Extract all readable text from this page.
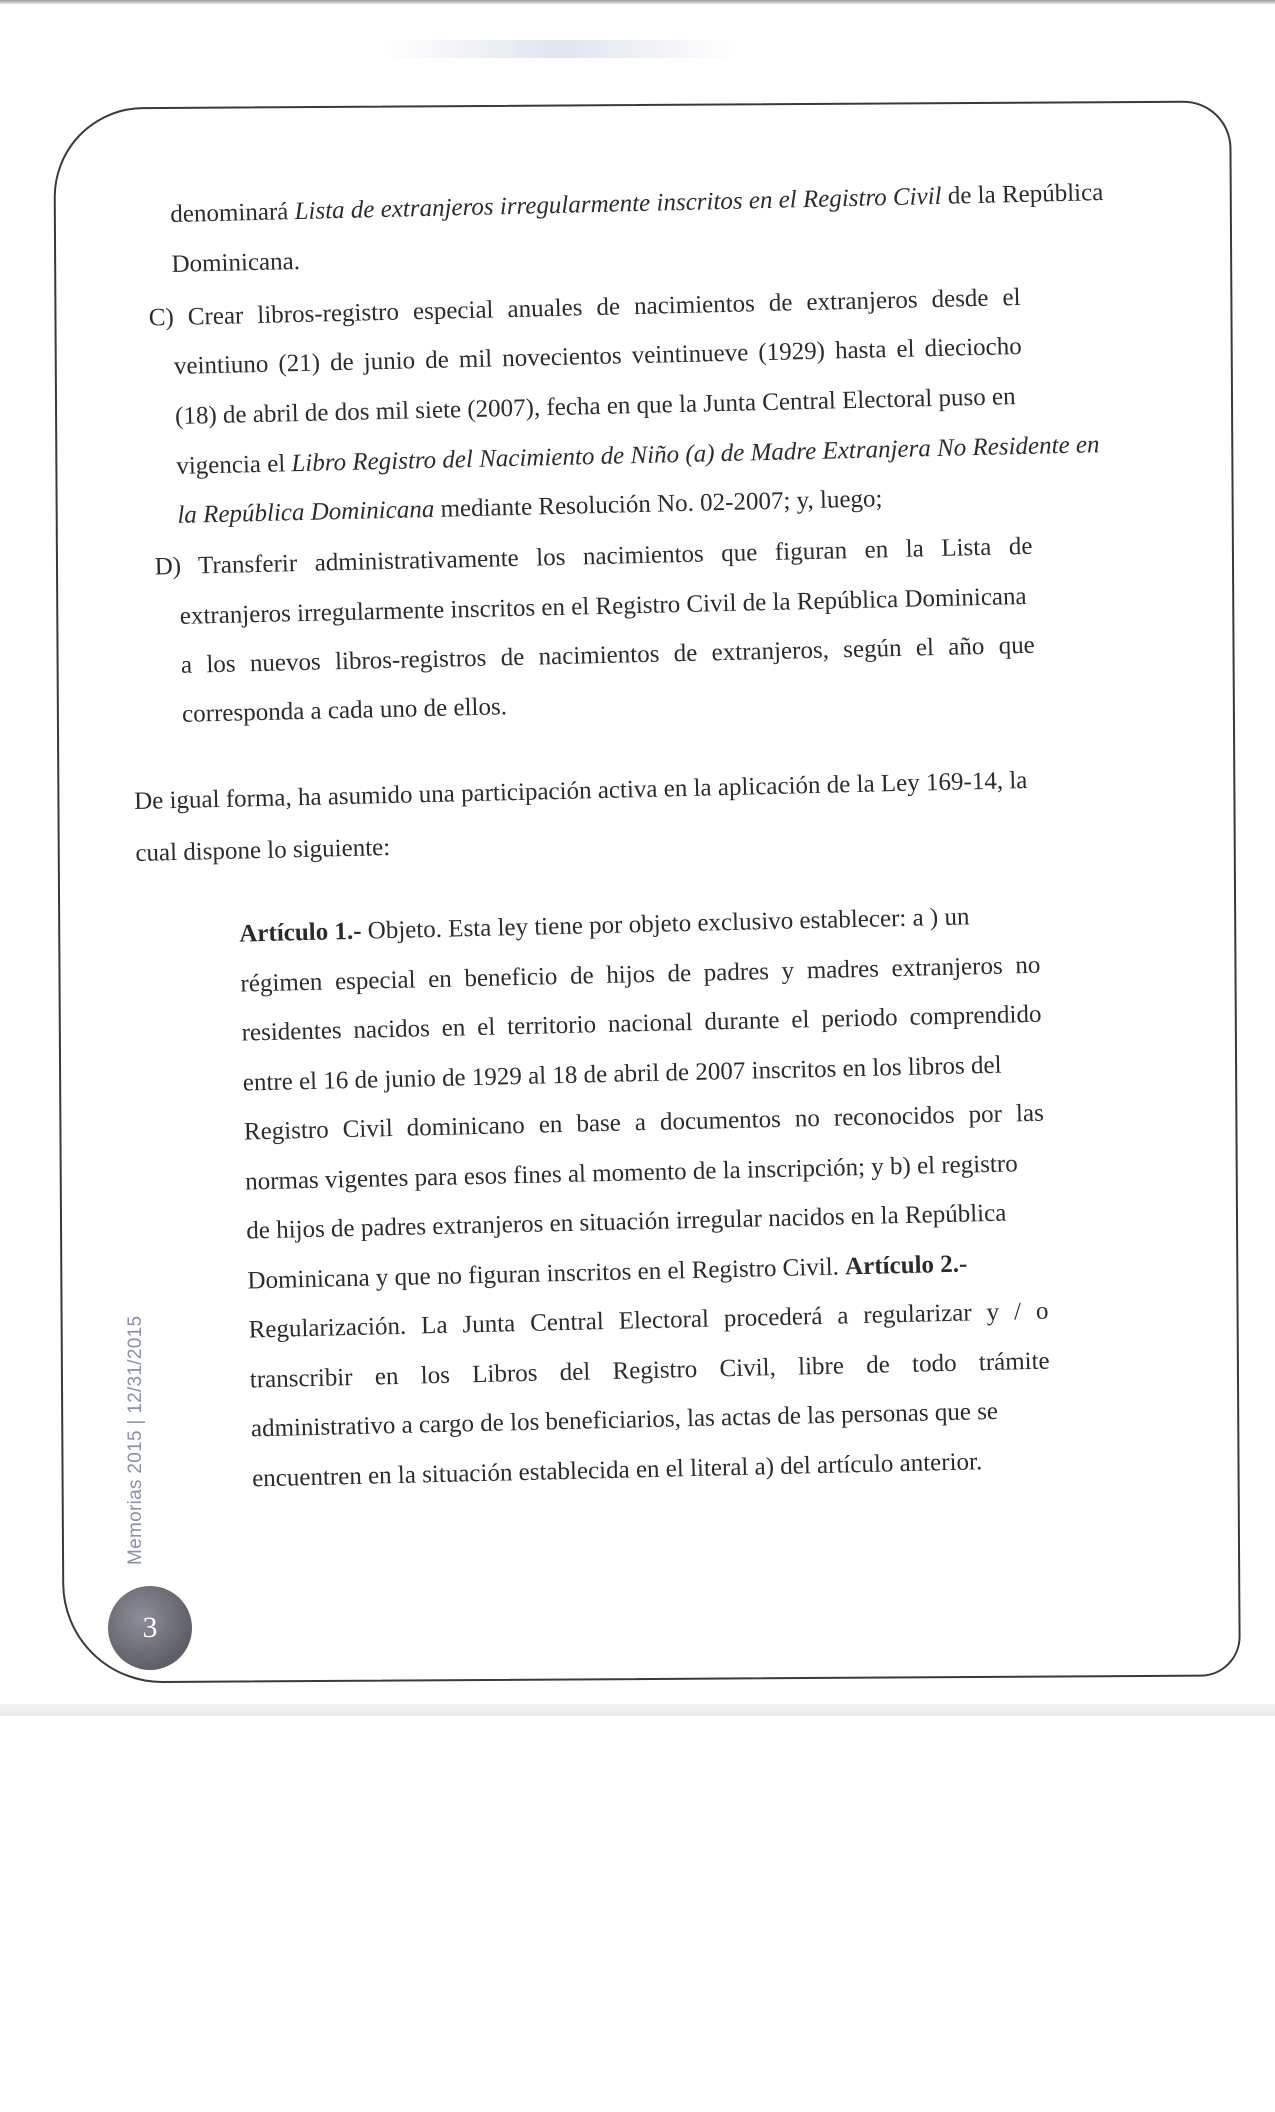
denominará Lista de extranjeros irregularmente inscritos en el Registro Civil de la República
Dominicana.
C) Crear libros-registro especial anuales de nacimientos de extranjeros desde el
veintiuno (21) de junio de mil novecientos veintinueve (1929) hasta el dieciocho
(18) de abril de dos mil siete (2007), fecha en que la Junta Central Electoral puso en
vigencia el Libro Registro del Nacimiento de Niño (a) de Madre Extranjera No Residente en
la República Dominicana mediante Resolución No. 02-2007; y, luego;
D) Transferir administrativamente los nacimientos que figuran en la Lista de
extranjeros irregularmente inscritos en el Registro Civil de la República Dominicana
a los nuevos libros-registros de nacimientos de extranjeros, según el año que
corresponda a cada uno de ellos.
De igual forma, ha asumido una participación activa en la aplicación de la Ley 169-14, la
cual dispone lo siguiente:
Artículo 1.- Objeto. Esta ley tiene por objeto exclusivo establecer: a ) un
régimen especial en beneficio de hijos de padres y madres extranjeros no
residentes nacidos en el territorio nacional durante el periodo comprendido
entre el 16 de junio de 1929 al 18 de abril de 2007 inscritos en los libros del
Registro Civil dominicano en base a documentos no reconocidos por las
normas vigentes para esos fines al momento de la inscripción; y b) el registro
de hijos de padres extranjeros en situación irregular nacidos en la República
Dominicana y que no figuran inscritos en el Registro Civil. Artículo 2.-
Regularización. La Junta Central Electoral procederá a regularizar y / o
transcribir en los Libros del Registro Civil, libre de todo trámite
administrativo a cargo de los beneficiarios, las actas de las personas que se
encuentren en la situación establecida en el literal a) del artículo anterior.
Memorias 2015 | 12/31/2015
3
